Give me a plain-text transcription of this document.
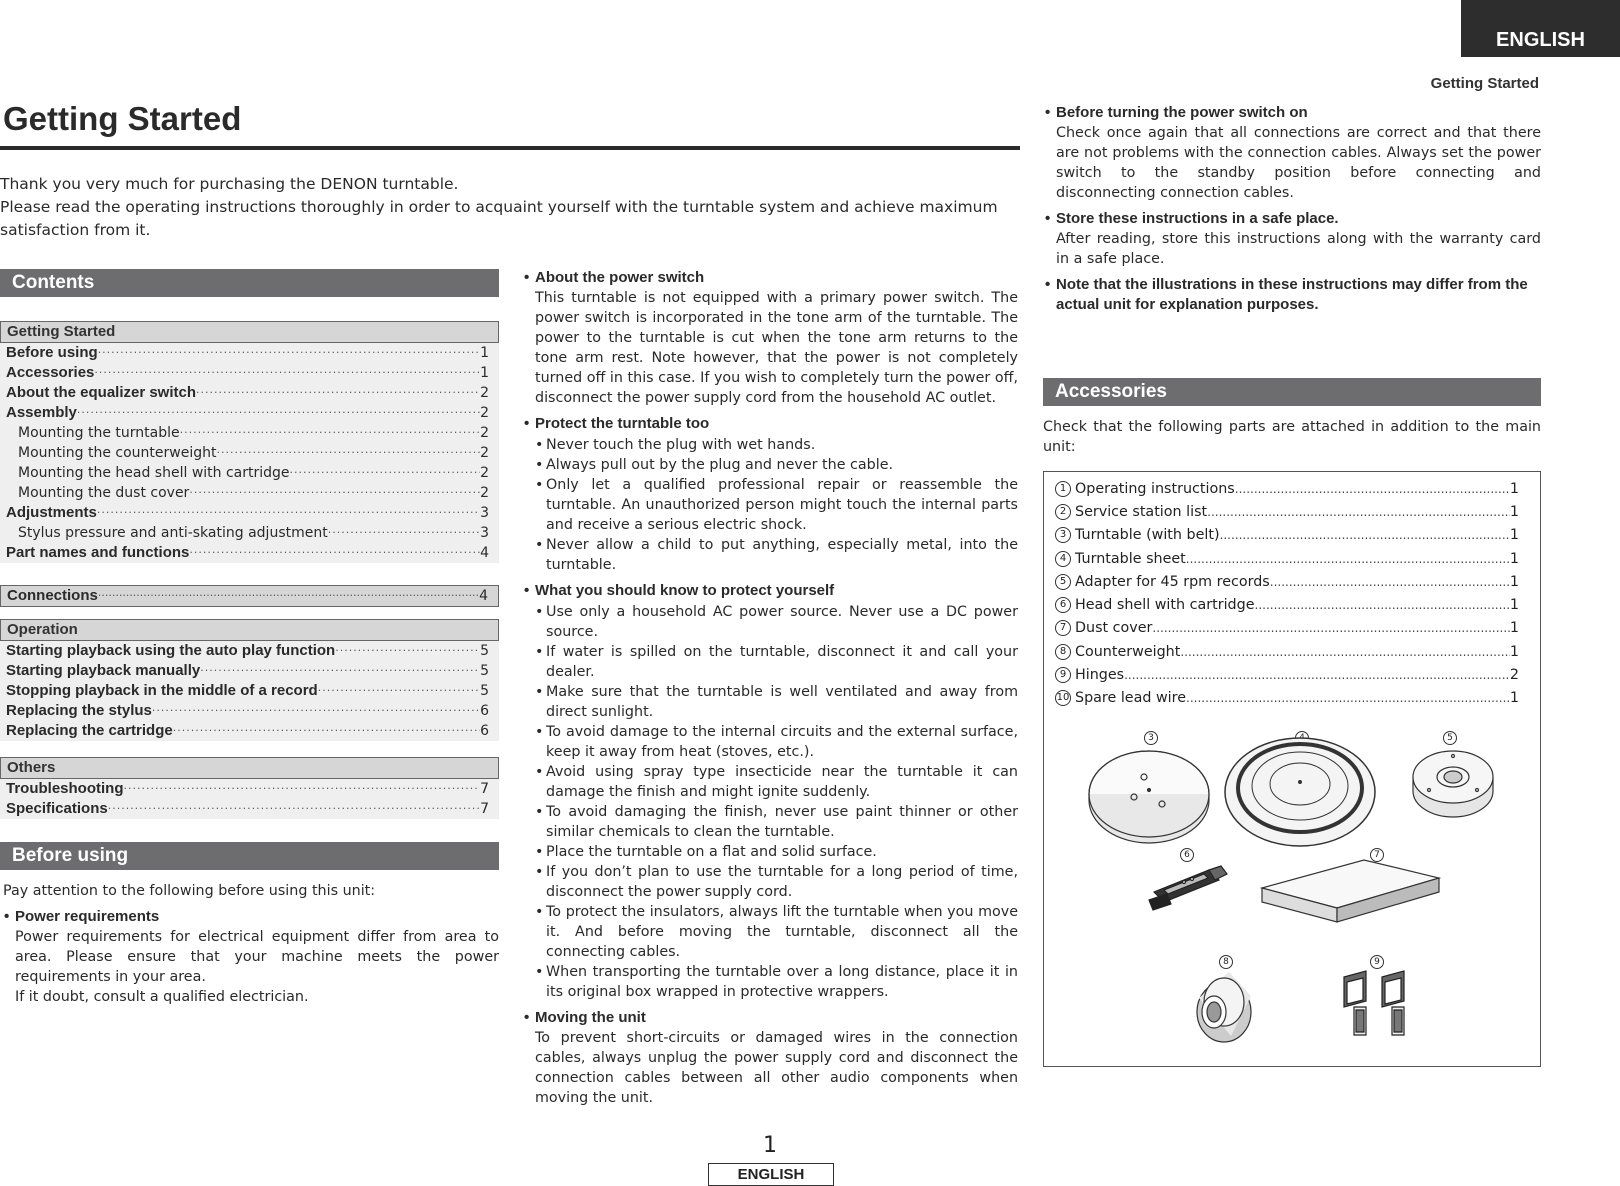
ENGLISH
Getting Started
Getting Started
Thank you very much for purchasing the DENON turntable.
Please read the operating instructions thoroughly in order to acquaint yourself with the turntable system and achieve maximum satisfaction from it.
Contents
Getting Started
Before using ·····	1
Accessories ·····	1
About the equalizer switch ·····	2
Assembly ·····	2
Mounting the turntable ·····	2
Mounting the counterweight ·····	2
Mounting the head shell with cartridge ·····	2
Mounting the dust cover ·····	2
Adjustments ·····	3
Stylus pressure and anti-skating adjustment ·····	3
Part names and functions ·····	4
Connections ·····	4
Operation
Starting playback using the auto play function ·····	5
Starting playback manually ·····	5
Stopping playback in the middle of a record ·····	5
Replacing the stylus ·····	6
Replacing the cartridge ·····	6
Others
Troubleshooting ·····	7
Specifications ·····	7
Before using
Pay attention to the following before using this unit:
• Power requirements
Power requirements for electrical equipment differ from area to area. Please ensure that your machine meets the power requirements in your area.
If it doubt, consult a qualified electrician.
• About the power switch
This turntable is not equipped with a primary power switch. The power switch is incorporated in the tone arm of the turntable. The power to the turntable is cut when the tone arm returns to the tone arm rest. Note however, that the power is not completely turned off in this case. If you wish to completely turn the power off, disconnect the power supply cord from the household AC outlet.
• Protect the turntable too
• Never touch the plug with wet hands.
• Always pull out by the plug and never the cable.
• Only let a qualified professional repair or reassemble the turntable. An unauthorized person might touch the internal parts and receive a serious electric shock.
• Never allow a child to put anything, especially metal, into the turntable.
• What you should know to protect yourself
• Use only a household AC power source. Never use a DC power source.
• If water is spilled on the turntable, disconnect it and call your dealer.
• Make sure that the turntable is well ventilated and away from direct sunlight.
• To avoid damage to the internal circuits and the external surface, keep it away from heat (stoves, etc.).
• Avoid using spray type insecticide near the turntable it can damage the finish and might ignite suddenly.
• To avoid damaging the finish, never use paint thinner or other similar chemicals to clean the turntable.
• Place the turntable on a flat and solid surface.
• If you don’t plan to use the turntable for a long period of time, disconnect the power supply cord.
• To protect the insulators, always lift the turntable when you move it. And before moving the turntable, disconnect all the connecting cables.
• When transporting the turntable over a long distance, place it in its original box wrapped in protective wrappers.
• Moving the unit
To prevent short-circuits or damaged wires in the connection cables, always unplug the power supply cord and disconnect the connection cables between all other audio components when moving the unit.
• Before turning the power switch on
Check once again that all connections are correct and that there are not problems with the connection cables. Always set the power switch to the standby position before connecting and disconnecting connection cables.
• Store these instructions in a safe place.
After reading, store this instructions along with the warranty card in a safe place.
• Note that the illustrations in these instructions may differ from the actual unit for explanation purposes.
Accessories
Check that the following parts are attached in addition to the main unit:
1 Operating instructions .....	1
2 Service station list .....	1
3 Turntable (with belt) .....	1
4 Turntable sheet .....	1
5 Adapter for 45 rpm records .....	1
6 Head shell with cartridge .....	1
7 Dust cover .....	1
8 Counterweight .....	1
9 Hinges .....	2
10 Spare lead wire .....	1
3	5
6	7
8	9
1
ENGLISH
